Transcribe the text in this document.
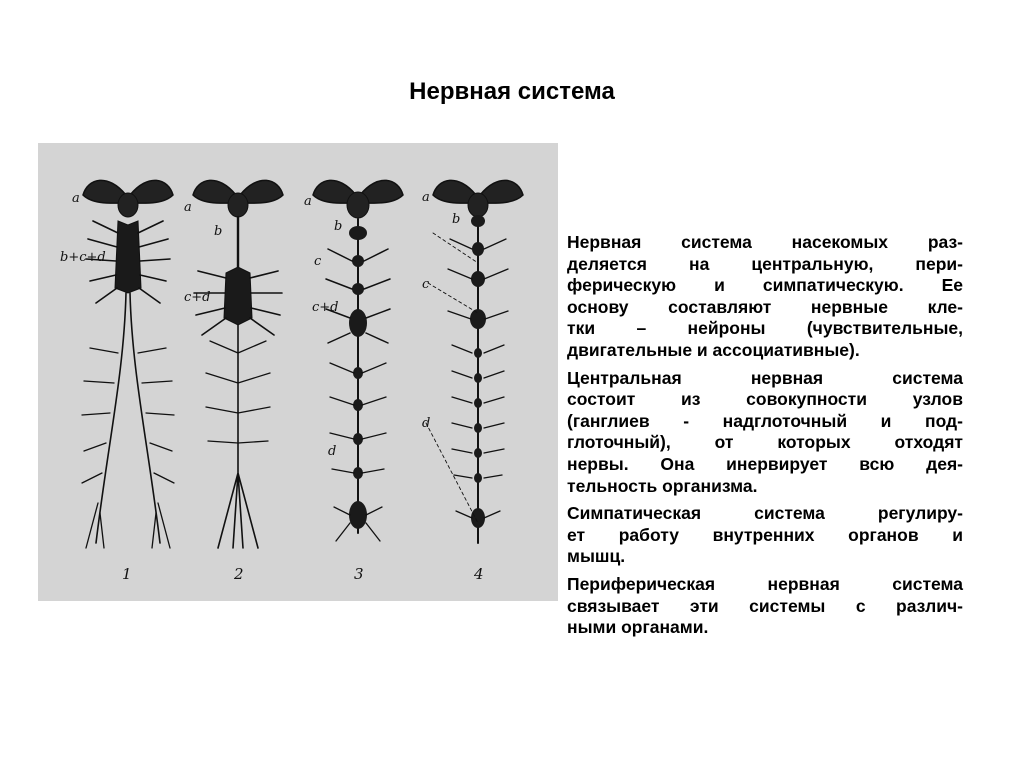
Нервная система
a
b+c+d
a
b
c+d
a
b
c
c+d
d
a
b
c
d
1	2	3	4
Нервная система насекомых раз-
деляется на центральную, пери-
ферическую и симпатическую. Ее
основу составляют нервные кле-
тки – нейроны (чувствительные,
двигательные и ассоциативные).
Центральная нервная система
состоит из совокупности узлов
(ганглиев - надглоточный и под-
глоточный), от которых отходят
нервы. Она инервирует всю дея-
тельность организма.
Симпатическая система регулиру-
ет работу внутренних органов и
мышц.
Периферическая нервная система
связывает эти системы с различ-
ными органами.
